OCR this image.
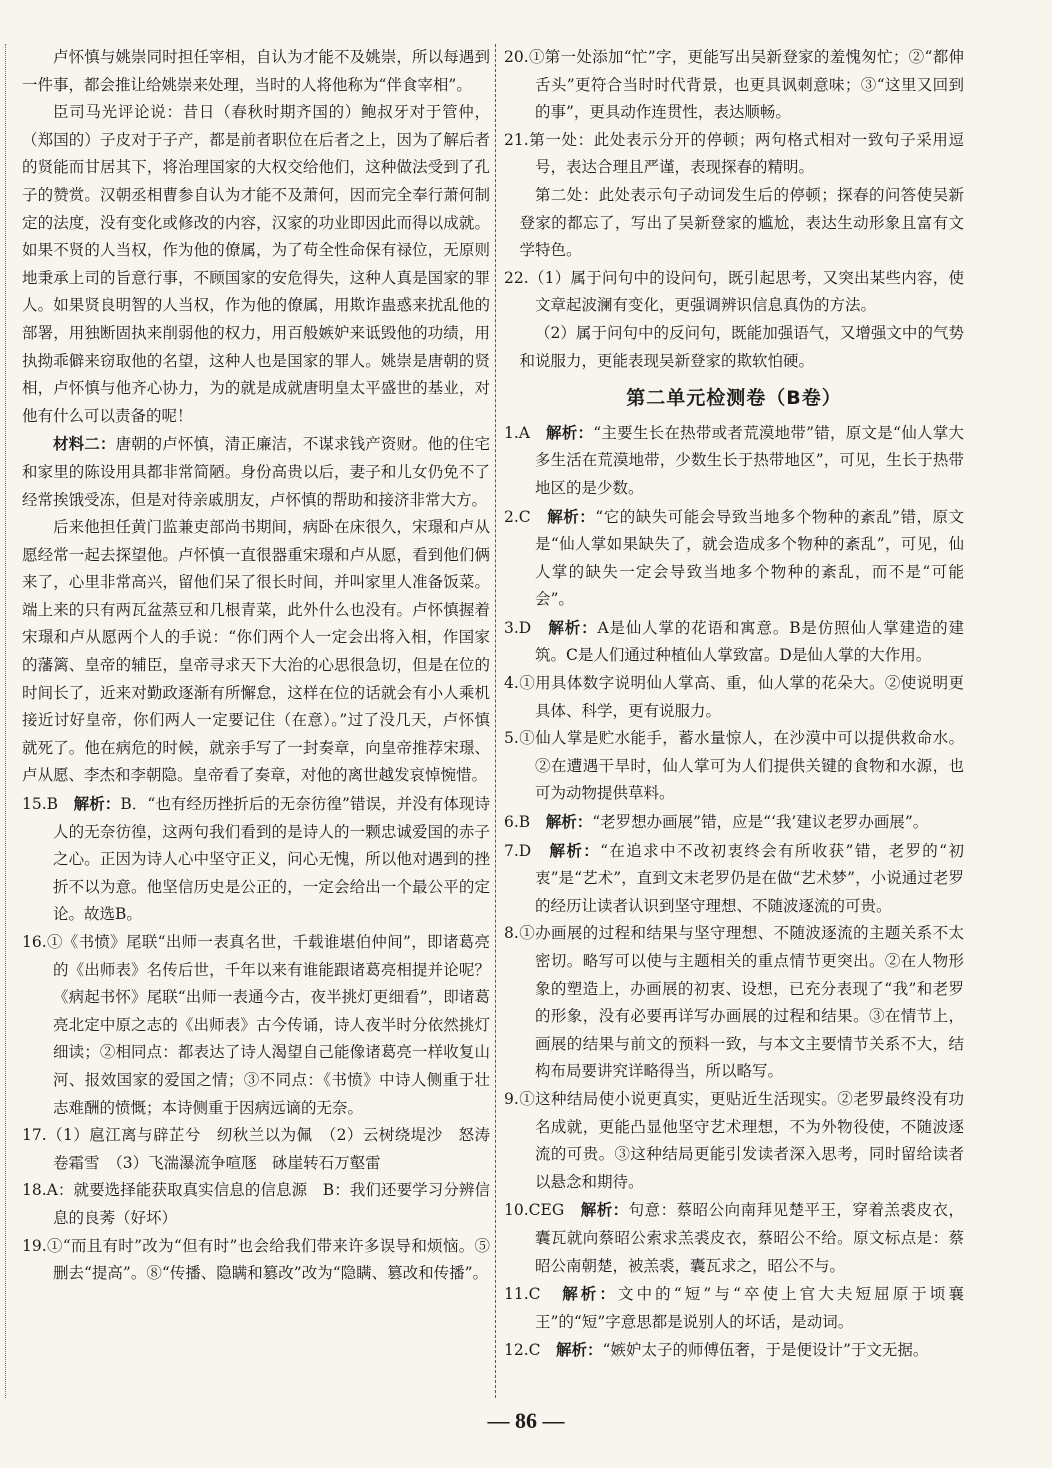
卢怀慎与姚崇同时担任宰相，自认为才能不及姚崇，所以每遇到一件事，都会推让给姚崇来处理，当时的人将他称为“伴食宰相”。

臣司马光评论说：昔日（春秋时期齐国的）鲍叔牙对于管仲，（郑国的）子皮对于子产，都是前者职位在后者之上，因为了解后者的贤能而甘居其下，将治理国家的大权交给他们，这种做法受到了孔子的赞赏。汉朝丞相曹参自认为才能不及萧何，因而完全奉行萧何制定的法度，没有变化或修改的内容，汉家的功业即因此而得以成就。如果不贤的人当权，作为他的僚属，为了苟全性命保有禄位，无原则地秉承上司的旨意行事，不顾国家的安危得失，这种人真是国家的罪人。如果贤良明智的人当权，作为他的僚属，用欺诈蛊惑来扰乱他的部署，用独断固执来削弱他的权力，用百般嫉妒来诋毁他的功绩，用执拗乖僻来窃取他的名望，这种人也是国家的罪人。姚崇是唐朝的贤相，卢怀慎与他齐心协力，为的就是成就唐明皇太平盛世的基业，对他有什么可以责备的呢！

材料二：唐朝的卢怀慎，清正廉洁，不谋求钱产资财。他的住宅和家里的陈设用具都非常简陋。身份高贵以后，妻子和儿女仍免不了经常挨饿受冻，但是对待亲戚朋友，卢怀慎的帮助和接济非常大方。

后来他担任黄门监兼吏部尚书期间，病卧在床很久，宋璟和卢从愿经常一起去探望他。卢怀慎一直很器重宋璟和卢从愿，看到他们俩来了，心里非常高兴，留他们呆了很长时间，并叫家里人准备饭菜。端上来的只有两瓦盆蒸豆和几根青菜，此外什么也没有。卢怀慎握着宋璟和卢从愿两个人的手说：“你们两个人一定会出将入相，作国家的藩篱、皇帝的辅臣，皇帝寻求天下大治的心思很急切，但是在位的时间长了，近来对勤政逐渐有所懈怠，这样在位的话就会有小人乘机接近讨好皇帝，你们两人一定要记住（在意）。”过了没几天，卢怀慎就死了。他在病危的时候，就亲手写了一封奏章，向皇帝推荐宋璟、卢从愿、李杰和李朝隐。皇帝看了奏章，对他的离世越发哀悼惋惜。

15.B　 解析：B．“也有经历挫折后的无奈彷徨”错误，并没有体现诗人的无奈彷徨，这两句我们看到的是诗人的一颗忠诚爱国的赤子之心。正因为诗人心中坚守正义，问心无愧，所以他对遇到的挫折不以为意。他坚信历史是公正的，一定会给出一个最公平的定论。故选B。

16.①《书愤》尾联“出师一表真名世，千载谁堪伯仲间”，即诸葛亮的《出师表》名传后世，千年以来有谁能跟诸葛亮相提并论呢？《病起书怀》尾联“出师一表通今古，夜半挑灯更细看”，即诸葛亮北定中原之志的《出师表》古今传诵，诗人夜半时分依然挑灯细读；②相同点：都表达了诗人渴望自己能像诸葛亮一样收复山河、报效国家的爱国之情；③不同点：《书愤》中诗人侧重于壮志难酬的愤慨；本诗侧重于因病远谪的无奈。

17.（1）扈江离与辟芷兮　纫秋兰以为佩　（2）云树绕堤沙　怒涛卷霜雪　（3）飞湍瀑流争喧豗　砯崖转石万壑雷

18.A：就要选择能获取真实信息的信息源　B：我们还要学习分辨信息的良莠（好坏）

19.①“而且有时”改为“但有时”也会给我们带来许多误导和烦恼。⑤删去“提高”。⑧“传播、隐瞒和篡改”改为“隐瞒、篡改和传播”。

20.①第一处添加“忙”字，更能写出吴新登家的羞愧匆忙；②“都伸舌头”更符合当时时代背景，也更具讽刺意味；③“这里又回到的事”，更具动作连贯性，表达顺畅。

21.第一处：此处表示分开的停顿；两句格式相对一致句子采用逗号，表达合理且严谨，表现探春的精明。

第二处：此处表示句子动词发生后的停顿；探春的问答使吴新登家的都忘了，写出了吴新登家的尴尬，表达生动形象且富有文学特色。

22.（1）属于问句中的设问句，既引起思考，又突出某些内容，使文章起波澜有变化，更强调辨识信息真伪的方法。

（2）属于问句中的反问句，既能加强语气，又增强文中的气势和说服力，更能表现吴新登家的欺软怕硬。

第二单元检测卷（B卷）

1.A　 解析：“主要生长在热带或者荒漠地带”错，原文是“仙人掌大多生活在荒漠地带，少数生长于热带地区”，可见，生长于热带地区的是少数。

2.C　 解析：“它的缺失可能会导致当地多个物种的紊乱”错，原文是“仙人掌如果缺失了，就会造成多个物种的紊乱”，可见，仙人掌的缺失一定会导致当地多个物种的紊乱，而不是“可能会”。

3.D　 解析：A是仙人掌的花语和寓意。B是仿照仙人掌建造的建筑。C是人们通过种植仙人掌致富。D是仙人掌的大作用。

4.①用具体数字说明仙人掌高、重，仙人掌的花朵大。②使说明更具体、科学，更有说服力。

5.①仙人掌是贮水能手，蓄水量惊人，在沙漠中可以提供救命水。②在遭遇干旱时，仙人掌可为人们提供关键的食物和水源，也可为动物提供草料。

6.B　 解析：“老罗想办画展”错，应是“‘我’建议老罗办画展”。

7.D　 解析：“在追求中不改初衷终会有所收获”错，老罗的“初衷”是“艺术”，直到文末老罗仍是在做“艺术梦”，小说通过老罗的经历让读者认识到坚守理想、不随波逐流的可贵。

8.①办画展的过程和结果与坚守理想、不随波逐流的主题关系不太密切。略写可以使与主题相关的重点情节更突出。②在人物形象的塑造上，办画展的初衷、设想，已充分表现了“我”和老罗的形象，没有必要再详写办画展的过程和结果。③在情节上，画展的结果与前文的预料一致，与本文主要情节关系不大，结构布局要讲究详略得当，所以略写。

9.①这种结局使小说更真实，更贴近生活现实。②老罗最终没有功名成就，更能凸显他坚守艺术理想，不为外物役使，不随波逐流的可贵。③这种结局更能引发读者深入思考，同时留给读者以悬念和期待。

10.CEG　 解析：句意：蔡昭公向南拜见楚平王，穿着羔裘皮衣，囊瓦就向蔡昭公索求羔裘皮衣，蔡昭公不给。原文标点是：蔡昭公南朝楚，被羔裘，囊瓦求之，昭公不与。

11.C　 解析：文中的“短”与“卒使上官大夫短屈原于顷襄王”的“短”字意思都是说别人的坏话，是动词。

12.C　 解析：“嫉妒太子的师傅伍奢，于是便设计”于文无据。

— 86 —
